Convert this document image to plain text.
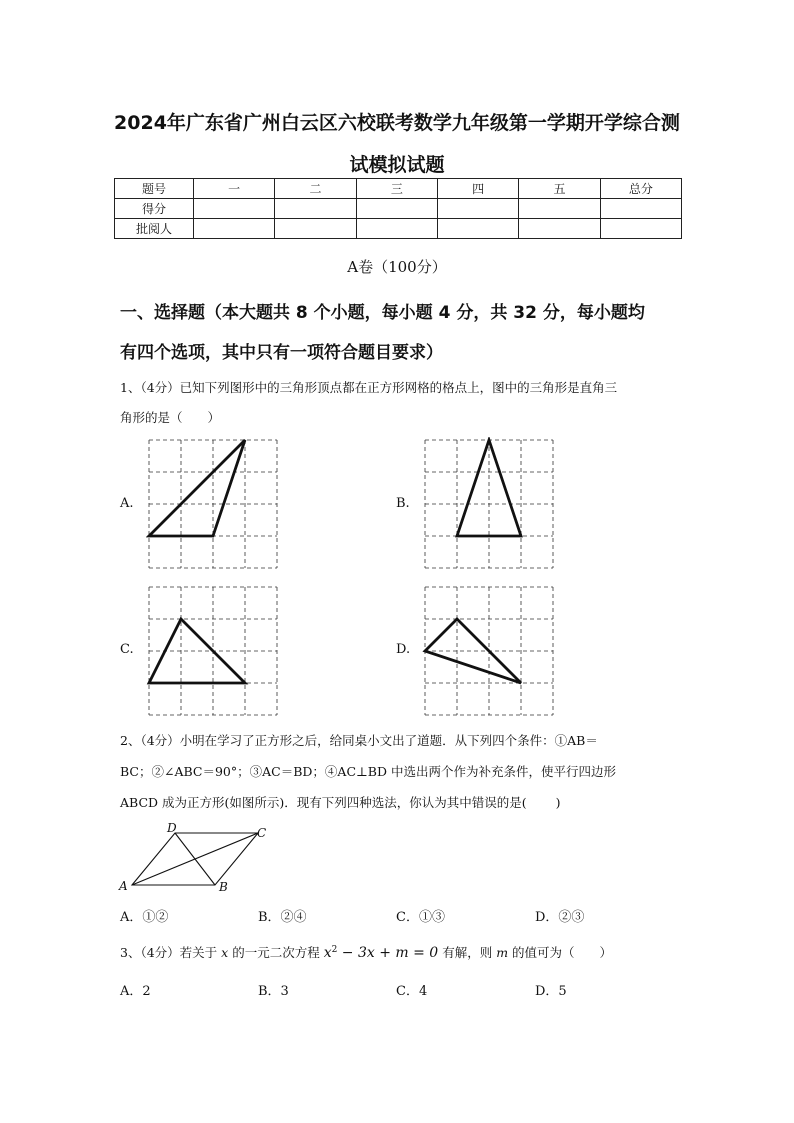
2024年广东省广州白云区六校联考数学九年级第一学期开学综合测
试模拟试题
题号	一	二	三	四	五	总分
得分						
批阅人						
A卷（100分）
一、选择题（本大题共 8 个小题，每小题 4 分，共 32 分，每小题均
有四个选项，其中只有一项符合题目要求）
1、（4分）已知下列图形中的三角形顶点都在正方形网格的格点上，图中的三角形是直角三
角形的是（　　）
A.	B.
C.	D.
2、（4分）小明在学习了正方形之后，给同桌小文出了道题．从下列四个条件：①AB＝
BC；②∠ABC＝90°；③AC＝BD；④AC⊥BD 中选出两个作为补充条件，使平行四边形
ABCD 成为正方形(如图所示)．现有下列四种选法，你认为其中错误的是(　　 )
D	C
A	B
A．①②	B．②④	C．①③	D．②③
3、（4分）若关于 x 的一元二次方程 $x^2 - 3x + m = 0$ 有解，则 m 的值可为（　　）
A．2	B．3	C．4	D．5
